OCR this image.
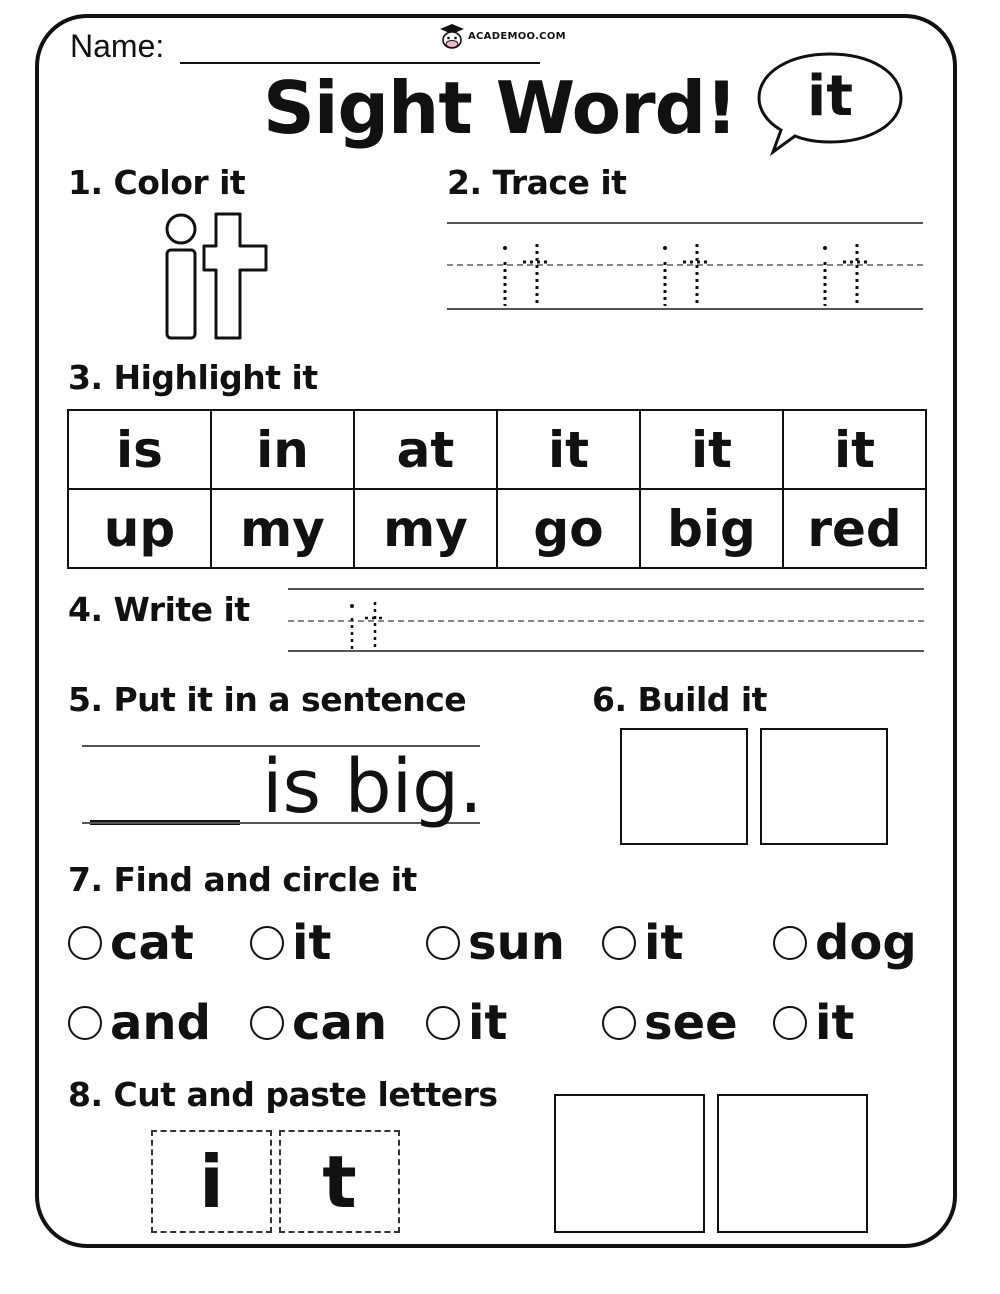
Name:	ACADEMOO.COM
Sight Word!	it
1. Color it	2. Trace it
3. Highlight it
is	in	at	it	it	it
up	my	my	go	big	red
4. Write it
5. Put it in a sentence
is big.
6. Build it
7. Find and circle it
cat it	sun it	dog
and can it	see it
8. Cut and paste letters
i	t
